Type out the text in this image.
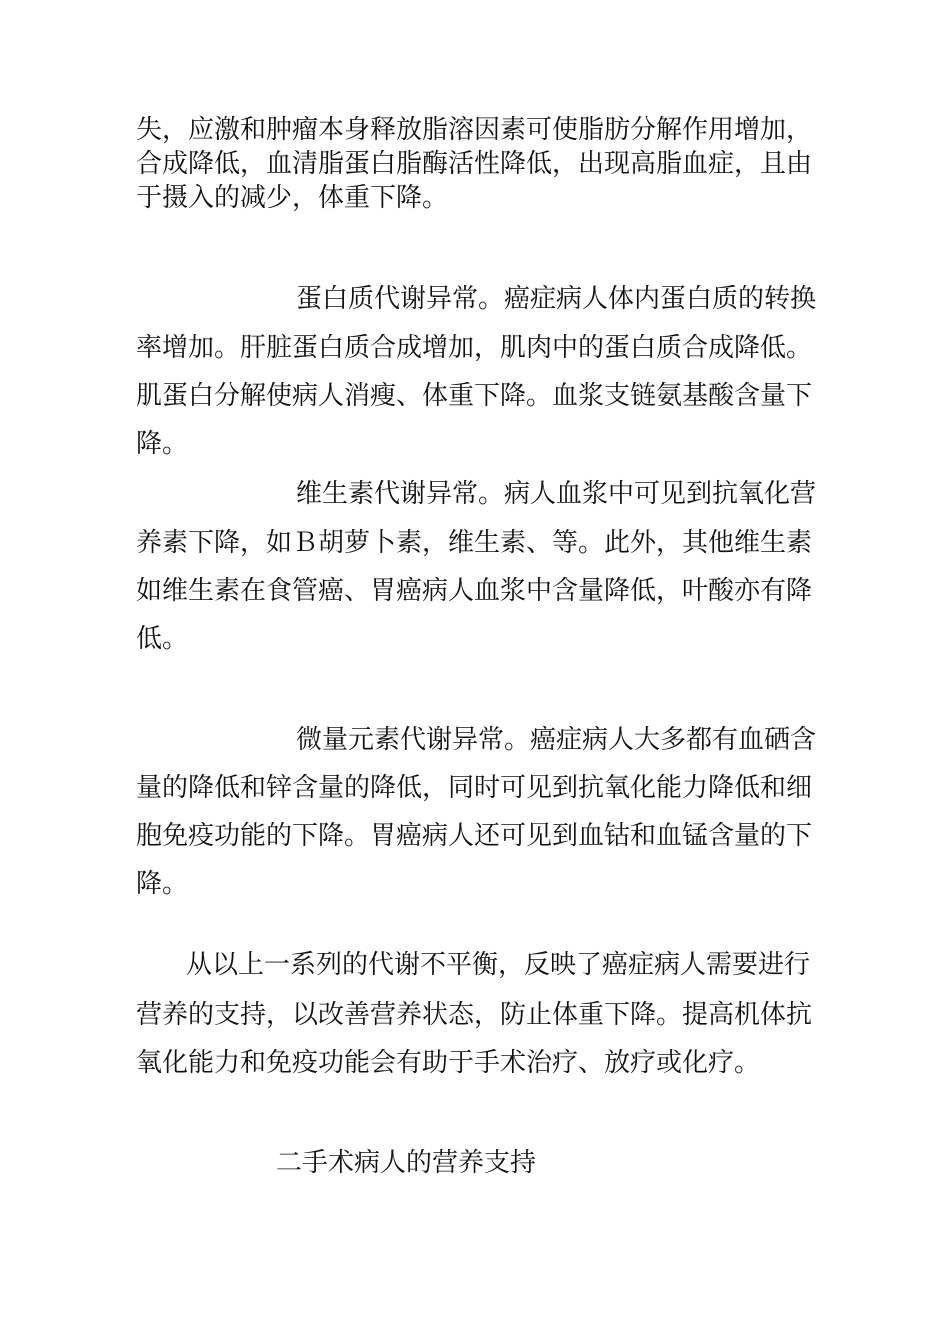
失，应激和肿瘤本身释放脂溶因素可使脂肪分解作用增加，
合成降低，血清脂蛋白脂酶活性降低，出现高脂血症，且由
于摄入的减少，体重下降。
蛋白质代谢异常。癌症病人体内蛋白质的转换
率增加。肝脏蛋白质合成增加，肌肉中的蛋白质合成降低。
肌蛋白分解使病人消瘦、体重下降。血浆支链氨基酸含量下
降。
维生素代谢异常。病人血浆中可见到抗氧化营
养素下降，如Ｂ胡萝卜素，维生素、等。此外，其他维生素
如维生素在食管癌、胃癌病人血浆中含量降低，叶酸亦有降
低。
微量元素代谢异常。癌症病人大多都有血硒含
量的降低和锌含量的降低，同时可见到抗氧化能力降低和细
胞免疫功能的下降。胃癌病人还可见到血钴和血锰含量的下
降。
从以上一系列的代谢不平衡，反映了癌症病人需要进行
营养的支持，以改善营养状态，防止体重下降。提高机体抗
氧化能力和免疫功能会有助于手术治疗、放疗或化疗。
二手术病人的营养支持
